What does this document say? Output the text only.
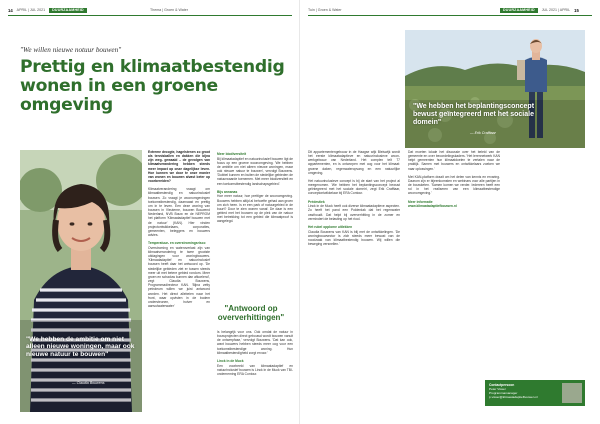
14 APRIL | JUL 2021	DUURZAAMHEID	Thema | Groen & Water
"We willen nieuwe notuur bouwen"
Prettig en klimaatbestendig wonen in een groene omgeving
"We hebben de ambitie om niet alleen nieuwe woningen, maar ook nieuwe natuur te bouwen"
— Claudia Bouwens

Extreme droogte, hagelstenen zo groot als tennisballen en dakken die bijna zijn weg- gewaaid – de gevolgen van klimaatverandering hebben steeds meer impact op onze dagelijkse leven. Hoe kunnen we door te onze manier van wonen en bouwen alvast beter op voorbereiden?

Klimaatverandering vraagt om klimaatbestendig en natuurinclusief bouwen. Zo vraagt je woonomgevingen toekomstbestendig, daarnaast en prettig om in te leven. Een deze woning van bouwen in Vleuterne, bouwen Bouwend Nederland, NVB Bouw en de NEPROM het platform 'Klimaatadaptief bouwen met de natuur' (KAN). Hier vinden projectontwikkelaars, corporaties, gemeenten, beleggers en bouwers advies.

Temperatuur- en overstromingsrisco

Overstroming en wateroverlast zijn van klimaatverandering te twee grootste uitdagingen voor woningbouwers. 'Klimaatadaptief en natuurinclusief bouwen heeft daar het antwoord op. 'De stedelijke gebieden ziet er tussen steeds meer uit met betere gebied rondom. Meer groen en schaduw kunnen dan afkoelend', zegt Claudia Bouwens, Programmadirecteur KAN. 'Bijna zetty petroleum willen we juist antwoord worden. Het direct allebeien naar het front, waar opvisten in de bodem ondersteunen, huiver en aanvulwaterwater'

Meer biodiversiteit

Bij klimaatadaptief en natuurinclusief bouwen ligt de focus op een groene woonomgeving. 'We hebben de ambitie om niet alleen nieuwe woningen, maar ook nieuwe natuur te bouwen', vervolgt Bouwens. 'Dubbel kunnen en buiten de stedelijke gebieden de natuurwaarde toenemen. Met meer biodiversiteit en een toekomstbestendig landschapsgebied.'

Bijs annanas

Hoe meer natuur, hoe prettiger de woonomgeving. Bouwers hebben altijd al behoefte gehad aan groen om zich heen. Is er een park of natuurgebied in de buurt? Door te zien wonen vanaf. De daar is een gebied met het bouwen op de plek van de natuur met betrekking tot een gebied die klimaatproof is aangelegd.

"Antwoord op oververhittingen"

Is belangrijk voor ons. Ook omdat de natuur in bouwprojecten direct gebouwd wordt bouwen vanuit de ontwerpfase,' vervolgt Bouwens. 'Dat kan ook, want bouwers hebben steeds meer oog voor een toekomstbestendige woning. Hun klimaatbestendigheid zorgt ervoor.'

Linck in de Muck

Een voorbeeld van klimaatadaptief en natuurinclusief bouwen is Linck in de Muck van TBI-onderneming ERA Contour.

Tuin | Groen & Water	DUURZAAMHEID	JUL 2021 | APRIL 15

Dit appartementengebouw in de Haagse wijk Bleiswijk wordt het eerste klimaatadaptieve en natuurinclusieve woon-werkgebouw van Nederland. Het complex telt 77 appartementen, en is ontworpen met oog voor het klimaat: groene daken, regenwateropvang en een natuurlijke omgeving.

Het natuurinclusieve concept is bij de start van het project al meegenomen. 'We hebben het beplantingsconcept bewust geïntegreerd met het sociale domein', zegt Erik Crafftaar, conceptontwikkelaar bij ERA Contour.

Prédestiek

Linck in de Muck heeft ook diverse klimaatadaptieve aspecten. Zo heeft het pand een Polderdak dat het regenwater vasthoudt. Dat helpt bij oververhitting in de zomer en vermindert de belasting op het riool.

Het rubel opplome uitlekken

Claudia Bouwens van KAN is blij met de ontwikkelingen. 'De woningbouwsector is zich steeds meer bewust van de noodzaak van klimaatbestendig bouwen. Wij willen die beweging versnellen.'

Dat moeten lokale het discussie over het beleid van de gemeente en over beoordelingskaders. 'Het lerennetwerk KAN helpt gemeenten hun klimaatdoelen te vertalen naar de praktijk. Samen met bouwers en ontwikkelaars zoeken we naar oplossingen.'

Met KAN-platform draait om het delen van kennis en ervaring. Daarom zijn er bijeenkomsten en webinars voor alle partijen in de bouwketen. 'Samen komen we verder. Iedereen heeft een rol in het realiseren van een klimaatbestendige woonomgeving.'

Meer informatie

www.klimaatadaptiefbouwen.nl

"We hebben het beplantingsconcept bewust geïntegreerd met het sociale domein"
— Erik Crafftaar
Contactpersoon
Peter Visser
Programmamanager
p.visser@klimaatadaptiefbouwen.nl
